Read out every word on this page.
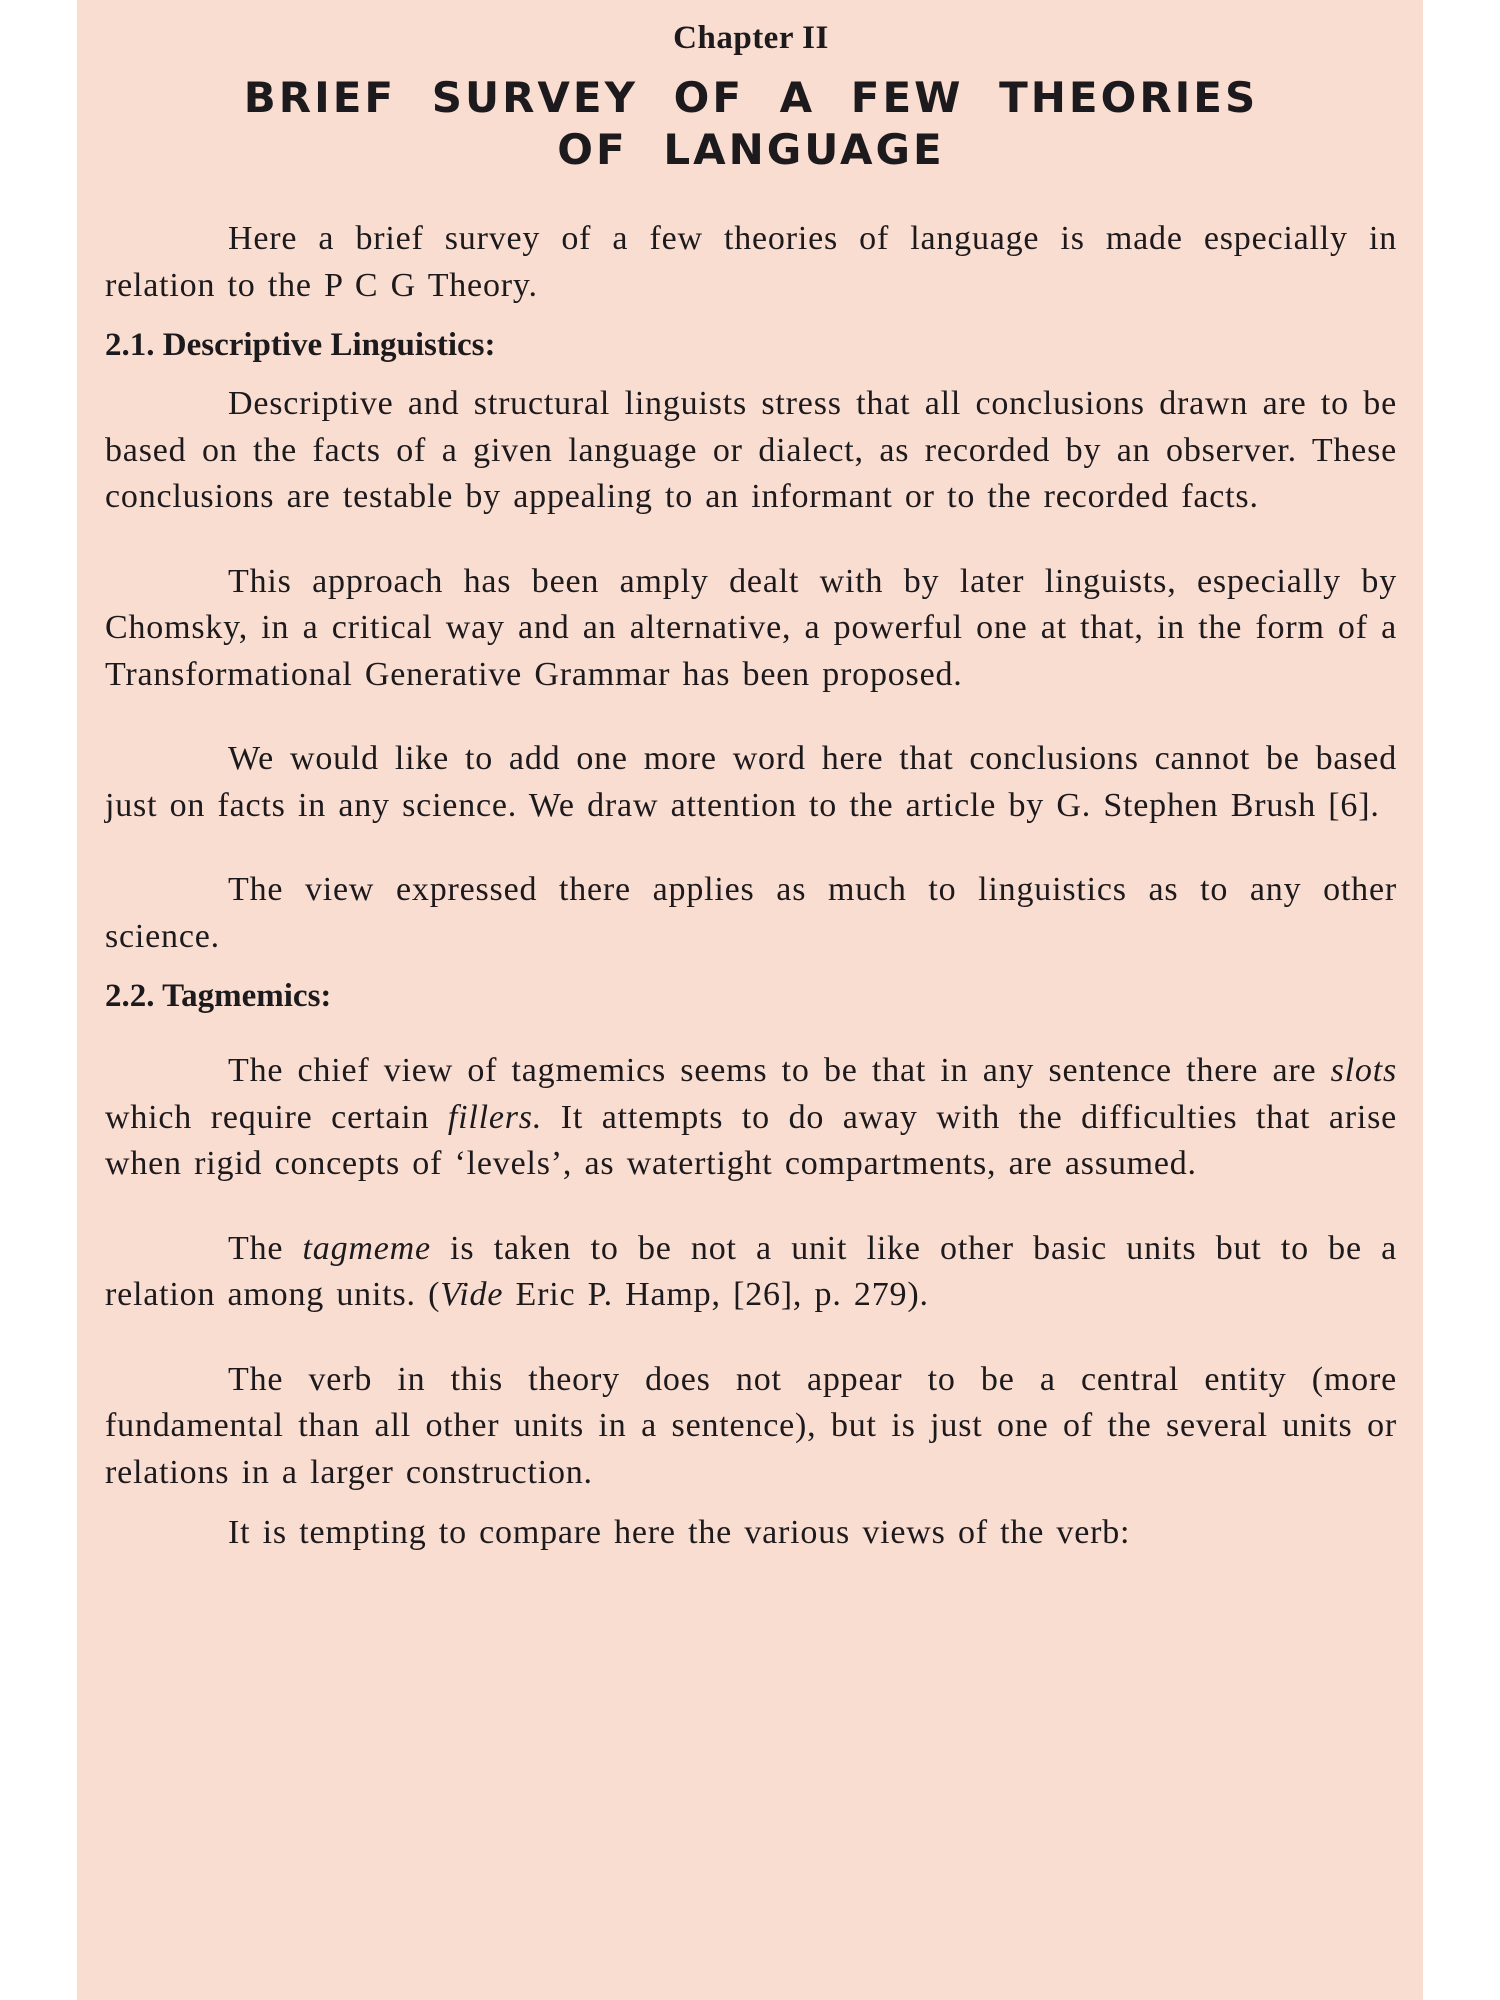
Chapter II
BRIEF SURVEY OF A FEW THEORIES
OF LANGUAGE

Here a brief survey of a few theories of language is made especially in relation to the P C G Theory.

2.1. Descriptive Linguistics:

Descriptive and structural linguists stress that all conclusions drawn are to be based on the facts of a given language or dialect, as recorded by an observer. These conclusions are testable by appealing to an informant or to the recorded facts.

This approach has been amply dealt with by later linguists, especially by Chomsky, in a critical way and an alternative, a powerful one at that, in the form of a Transformational Generative Grammar has been proposed.

We would like to add one more word here that conclusions cannot be based just on facts in any science. We draw attention to the article by G. Stephen Brush [6].

The view expressed there applies as much to linguistics as to any other science.

2.2. Tagmemics:

The chief view of tagmemics seems to be that in any sentence there are slots which require certain fillers. It attempts to do away with the difficulties that arise when rigid concepts of ‘levels’, as watertight compartments, are assumed.

The tagmeme is taken to be not a unit like other basic units but to be a relation among units. (Vide Eric P. Hamp, [26], p. 279).

The verb in this theory does not appear to be a central entity (more fundamental than all other units in a sentence), but is just one of the several units or relations in a larger construction.

It is tempting to compare here the various views of the verb:
